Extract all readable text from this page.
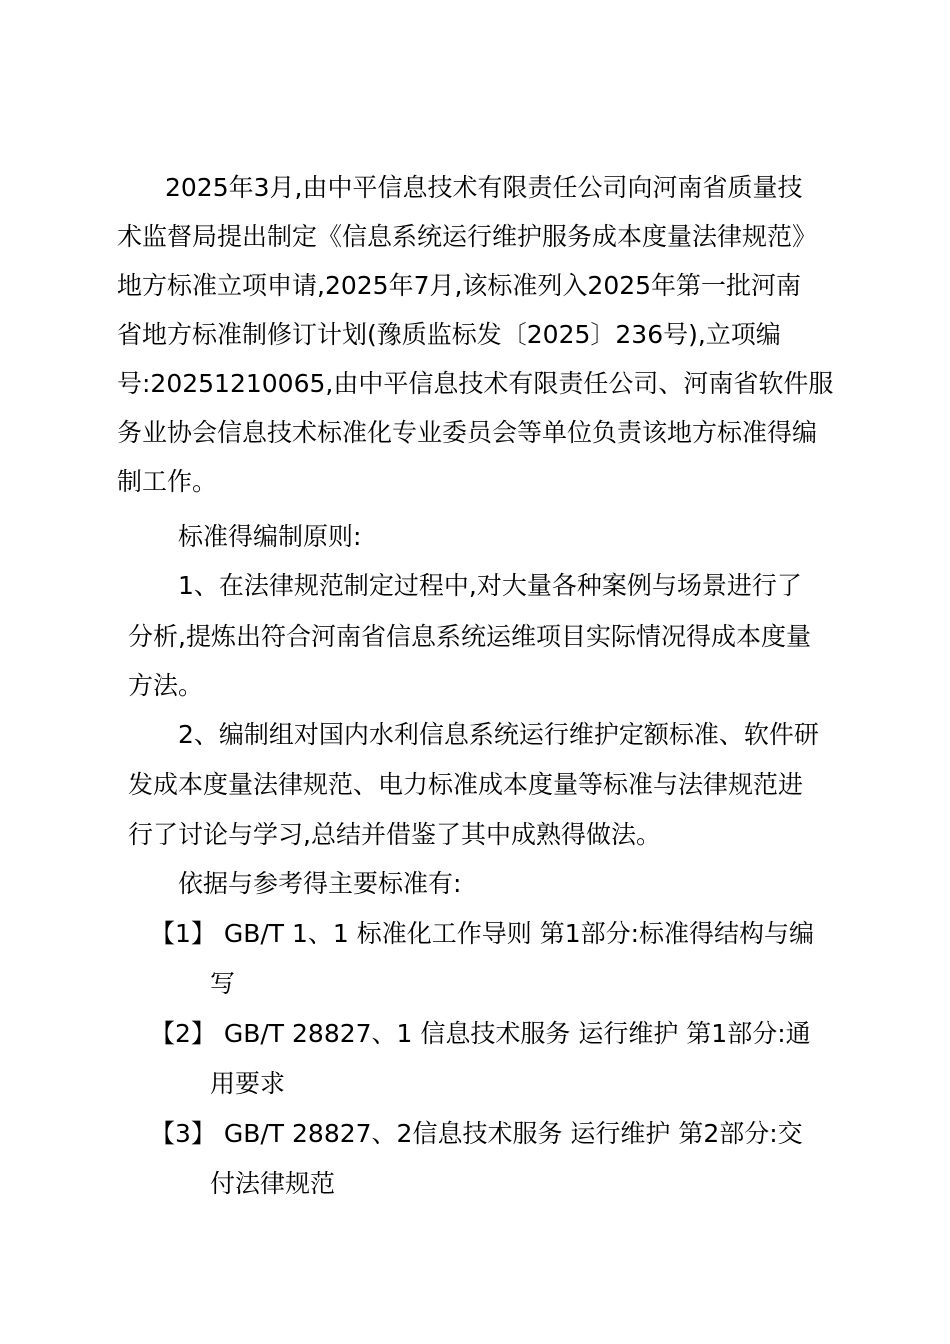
2025年3月,由中平信息技术有限责任公司向河南省质量技
术监督局提出制定《信息系统运行维护服务成本度量法律规范》
地方标准立项申请,2025年7月,该标准列入2025年第一批河南
省地方标准制修订计划(豫质监标发〔2025〕236号),立项编
号:20251210065,由中平信息技术有限责任公司、河南省软件服
务业协会信息技术标准化专业委员会等单位负责该地方标准得编
制工作。
标准得编制原则:
1、在法律规范制定过程中,对大量各种案例与场景进行了
分析,提炼出符合河南省信息系统运维项目实际情况得成本度量
方法。
2、编制组对国内水利信息系统运行维护定额标准、软件研
发成本度量法律规范、电力标准成本度量等标准与法律规范进
行了讨论与学习,总结并借鉴了其中成熟得做法。
依据与参考得主要标准有:
【1】 GB/T 1、1 标准化工作导则 第1部分:标准得结构与编
写
【2】 GB/T 28827、1 信息技术服务 运行维护 第1部分:通
用要求
【3】 GB/T 28827、2信息技术服务 运行维护 第2部分:交
付法律规范
